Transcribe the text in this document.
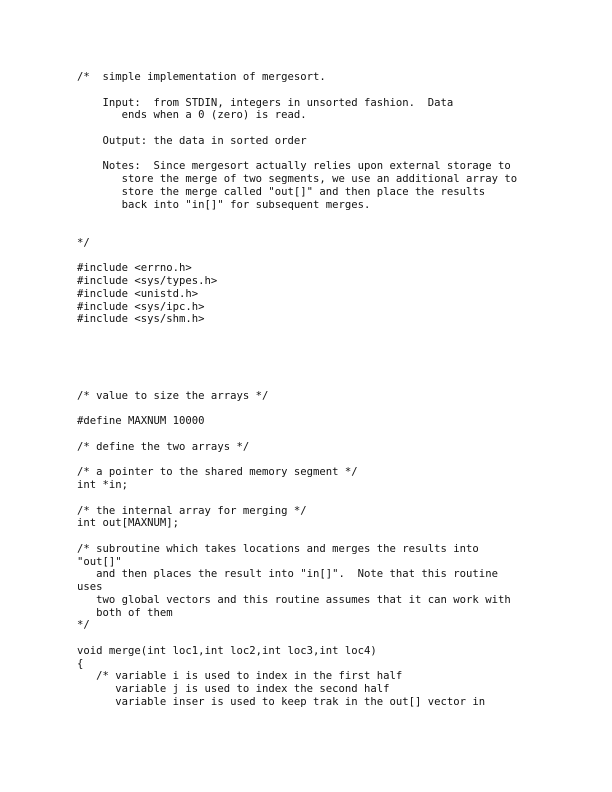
/*  simple implementation of mergesort.
Input:  from STDIN, integers in unsorted fashion.  Data
ends when a 0 (zero) is read.
Output: the data in sorted order
Notes:  Since mergesort actually relies upon external storage to
store the merge of two segments, we use an additional array to
store the merge called "out[]" and then place the results
back into "in[]" for subsequent merges.
*/
#include <errno.h>
#include <sys/types.h>
#include <unistd.h>
#include <sys/ipc.h>
#include <sys/shm.h>
/* value to size the arrays */
#define MAXNUM 10000
/* define the two arrays */
/* a pointer to the shared memory segment */
int *in;
/* the internal array for merging */
int out[MAXNUM];
/* subroutine which takes locations and merges the results into
"out[]"
and then places the result into "in[]".  Note that this routine
uses
two global vectors and this routine assumes that it can work with
both of them
*/
void merge(int loc1,int loc2,int loc3,int loc4)
{
/* variable i is used to index in the first half
variable j is used to index the second half
variable inser is used to keep trak in the out[] vector in
